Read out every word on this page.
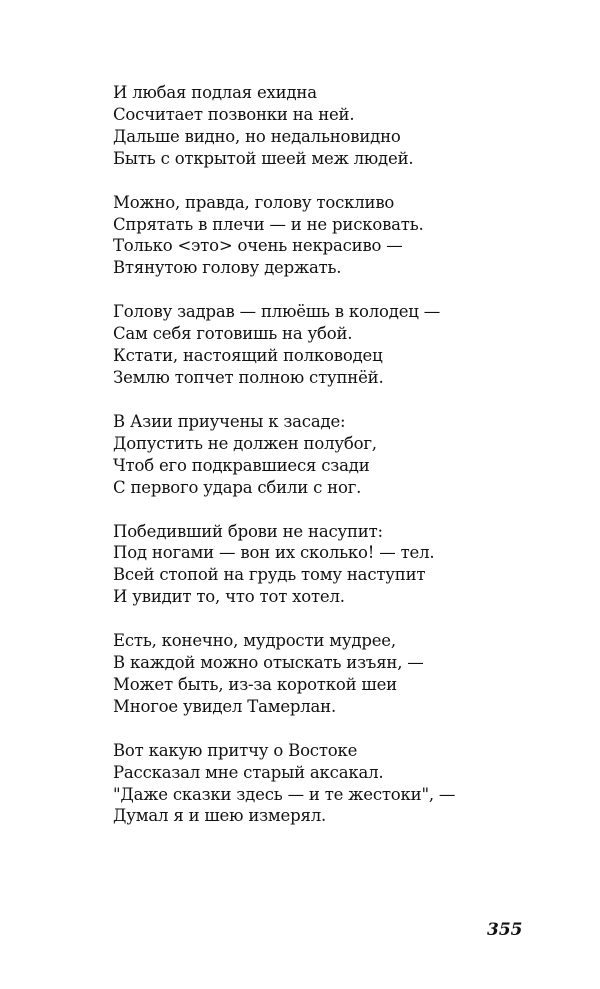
И любая подлая ехидна
Сосчитает позвонки на ней.
Дальше видно, но недальновидно
Быть с открытой шеей меж людей.
Можно, правда, голову тоскливо
Спрятать в плечи — и не рисковать.
Только <это> очень некрасиво —
Втянутою голову держать.
Голову задрав — плюёшь в колодец —
Сам себя готовишь на убой.
Кстати, настоящий полководец
Землю топчет полною ступнёй.
В Азии приучены к засаде:
Допустить не должен полубог,
Чтоб его подкравшиеся сзади
С первого удара сбили с ног.
Победивший брови не насупит:
Под ногами — вон их сколько! — тел.
Всей стопой на грудь тому наступит
И увидит то, что тот хотел.
Есть, конечно, мудрости мудрее,
В каждой можно отыскать изъян, —
Может быть, из-за короткой шеи
Многое увидел Тамерлан.
Вот какую притчу о Востоке
Рассказал мне старый аксакал.
"Даже сказки здесь — и те жестоки", —
Думал я и шею измерял.
355
